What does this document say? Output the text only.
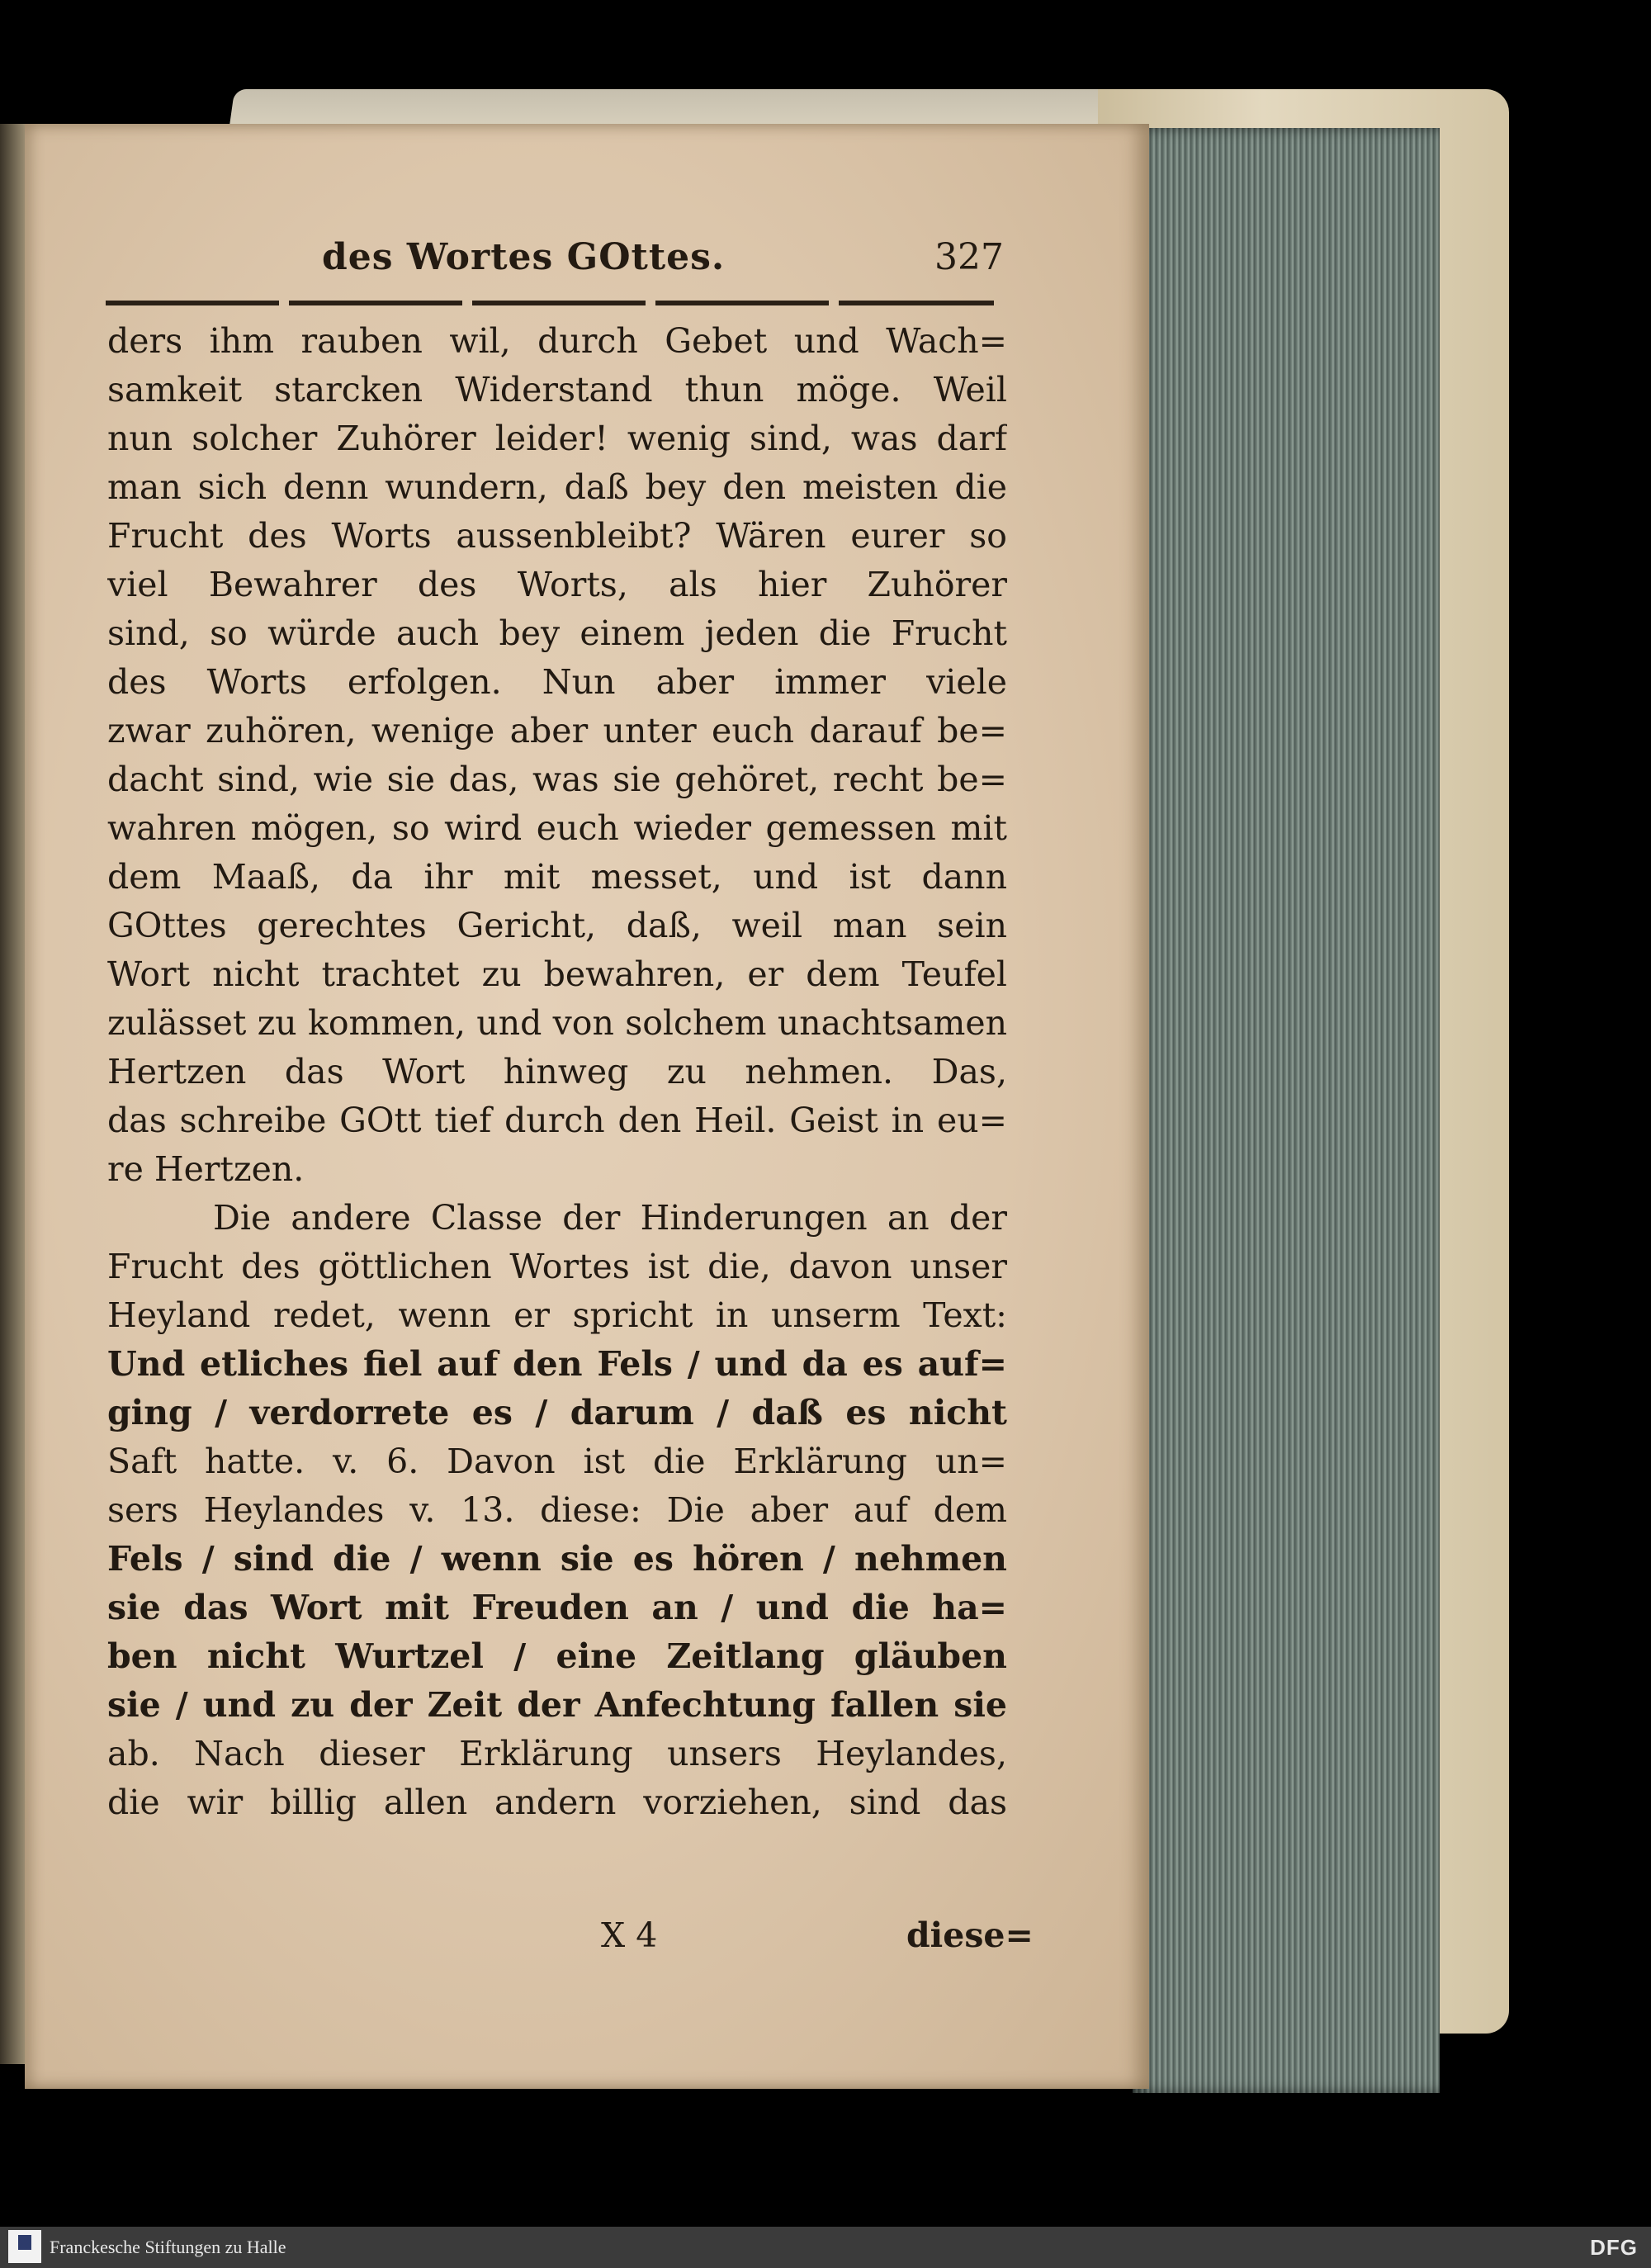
des Wortes GOttes.	327
ders ihm rauben wil, durch Gebet und Wach=
samkeit starcken Widerstand thun möge. Weil
nun solcher Zuhörer leider! wenig sind, was darf
man sich denn wundern, daß bey den meisten die
Frucht des Worts aussenbleibt? Wären eurer so
viel Bewahrer des Worts, als hier Zuhörer
sind, so würde auch bey einem jeden die Frucht
des Worts erfolgen. Nun aber immer viele
zwar zuhören, wenige aber unter euch darauf be=
dacht sind, wie sie das, was sie gehöret, recht be=
wahren mögen, so wird euch wieder gemessen mit
dem Maaß, da ihr mit messet, und ist dann
GOttes gerechtes Gericht, daß, weil man sein
Wort nicht trachtet zu bewahren, er dem Teufel
zulässet zu kommen, und von solchem unachtsamen
Hertzen das Wort hinweg zu nehmen. Das,
das schreibe GOtt tief durch den Heil. Geist in eu=
re Hertzen.
Die andere Classe der Hinderungen an der
Frucht des göttlichen Wortes ist die, davon unser
Heyland redet, wenn er spricht in unserm Text:
Und etliches fiel auf den Fels / und da es auf=
ging / verdorrete es / darum / daß es nicht
Saft hatte. v. 6. Davon ist die Erklärung un=
sers Heylandes v. 13. diese: Die aber auf dem
Fels / sind die / wenn sie es hören / nehmen
sie das Wort mit Freuden an / und die ha=
ben nicht Wurtzel / eine Zeitlang gläuben
sie / und zu der Zeit der Anfechtung fallen sie
ab. Nach dieser Erklärung unsers Heylandes,
die wir billig allen andern vorziehen, sind das
X 4	diese=
Franckesche Stiftungen zu Halle	DFG
